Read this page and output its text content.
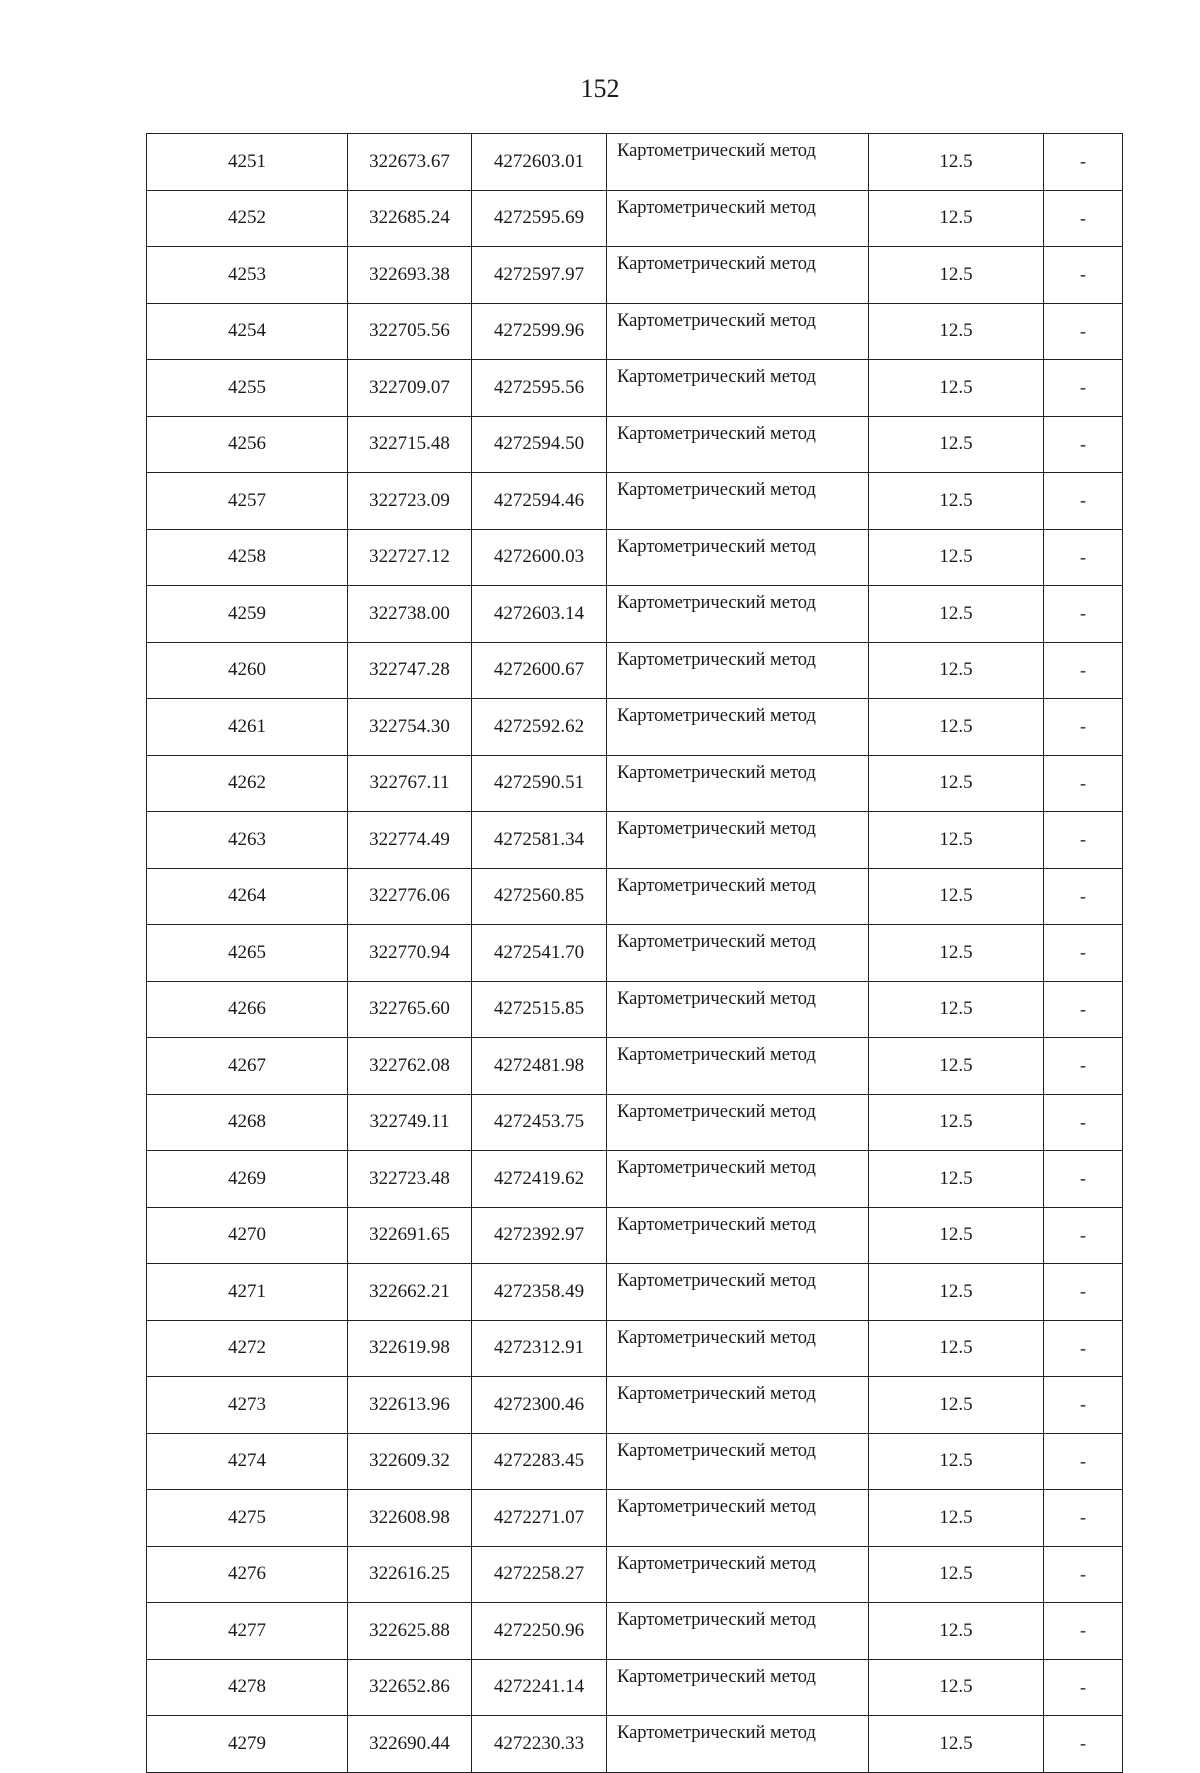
152
4251	322673.67	4272603.01	Картометрический метод	12.5	-
4252	322685.24	4272595.69	Картометрический метод	12.5	-
4253	322693.38	4272597.97	Картометрический метод	12.5	-
4254	322705.56	4272599.96	Картометрический метод	12.5	-
4255	322709.07	4272595.56	Картометрический метод	12.5	-
4256	322715.48	4272594.50	Картометрический метод	12.5	-
4257	322723.09	4272594.46	Картометрический метод	12.5	-
4258	322727.12	4272600.03	Картометрический метод	12.5	-
4259	322738.00	4272603.14	Картометрический метод	12.5	-
4260	322747.28	4272600.67	Картометрический метод	12.5	-
4261	322754.30	4272592.62	Картометрический метод	12.5	-
4262	322767.11	4272590.51	Картометрический метод	12.5	-
4263	322774.49	4272581.34	Картометрический метод	12.5	-
4264	322776.06	4272560.85	Картометрический метод	12.5	-
4265	322770.94	4272541.70	Картометрический метод	12.5	-
4266	322765.60	4272515.85	Картометрический метод	12.5	-
4267	322762.08	4272481.98	Картометрический метод	12.5	-
4268	322749.11	4272453.75	Картометрический метод	12.5	-
4269	322723.48	4272419.62	Картометрический метод	12.5	-
4270	322691.65	4272392.97	Картометрический метод	12.5	-
4271	322662.21	4272358.49	Картометрический метод	12.5	-
4272	322619.98	4272312.91	Картометрический метод	12.5	-
4273	322613.96	4272300.46	Картометрический метод	12.5	-
4274	322609.32	4272283.45	Картометрический метод	12.5	-
4275	322608.98	4272271.07	Картометрический метод	12.5	-
4276	322616.25	4272258.27	Картометрический метод	12.5	-
4277	322625.88	4272250.96	Картометрический метод	12.5	-
4278	322652.86	4272241.14	Картометрический метод	12.5	-
4279	322690.44	4272230.33	Картометрический метод	12.5	-
